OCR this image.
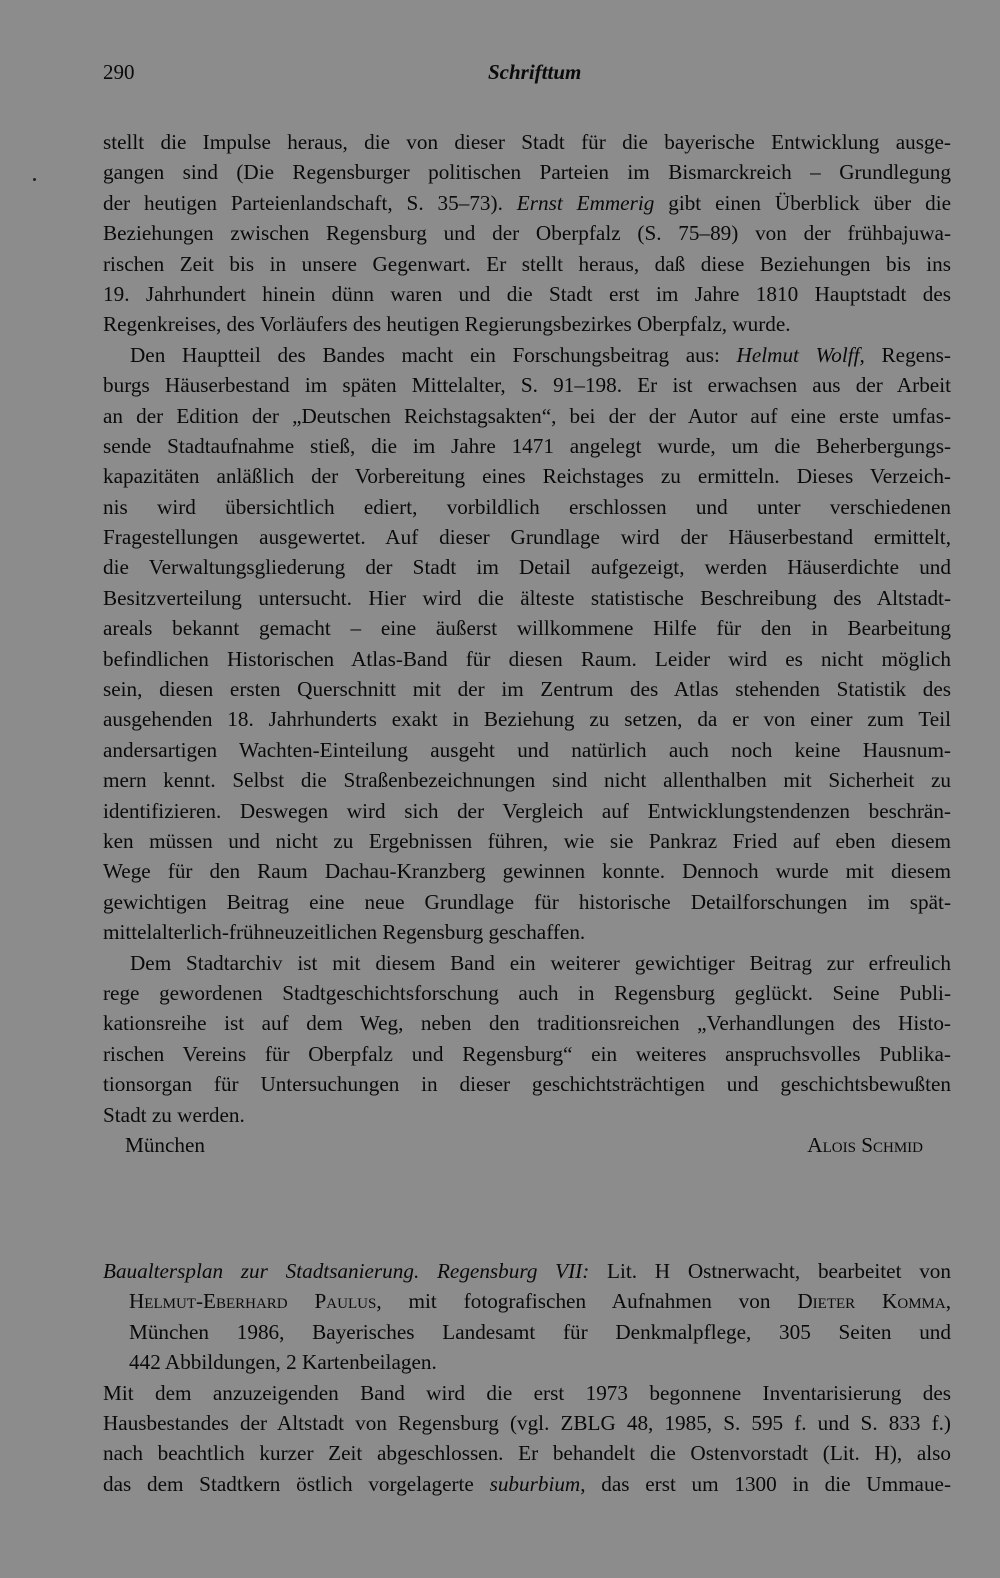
290	Schrifttum
stellt die Impulse heraus, die von dieser Stadt für die bayerische Entwicklung ausge-
gangen sind (Die Regensburger politischen Parteien im Bismarckreich – Grundlegung
der heutigen Parteienlandschaft, S. 35–73). Ernst Emmerig gibt einen Überblick über die
Beziehungen zwischen Regensburg und der Oberpfalz (S. 75–89) von der frühbajuwa-
rischen Zeit bis in unsere Gegenwart. Er stellt heraus, daß diese Beziehungen bis ins
19. Jahrhundert hinein dünn waren und die Stadt erst im Jahre 1810 Hauptstadt des
Regenkreises, des Vorläufers des heutigen Regierungsbezirkes Oberpfalz, wurde.
Den Hauptteil des Bandes macht ein Forschungsbeitrag aus: Helmut Wolff, Regens-
burgs Häuserbestand im späten Mittelalter, S. 91–198. Er ist erwachsen aus der Arbeit
an der Edition der „Deutschen Reichstagsakten“, bei der der Autor auf eine erste umfas-
sende Stadtaufnahme stieß, die im Jahre 1471 angelegt wurde, um die Beherbergungs-
kapazitäten anläßlich der Vorbereitung eines Reichstages zu ermitteln. Dieses Verzeich-
nis wird übersichtlich ediert, vorbildlich erschlossen und unter verschiedenen
Fragestellungen ausgewertet. Auf dieser Grundlage wird der Häuserbestand ermittelt,
die Verwaltungsgliederung der Stadt im Detail aufgezeigt, werden Häuserdichte und
Besitzverteilung untersucht. Hier wird die älteste statistische Beschreibung des Altstadt-
areals bekannt gemacht – eine äußerst willkommene Hilfe für den in Bearbeitung
befindlichen Historischen Atlas-Band für diesen Raum. Leider wird es nicht möglich
sein, diesen ersten Querschnitt mit der im Zentrum des Atlas stehenden Statistik des
ausgehenden 18. Jahrhunderts exakt in Beziehung zu setzen, da er von einer zum Teil
andersartigen Wachten-Einteilung ausgeht und natürlich auch noch keine Hausnum-
mern kennt. Selbst die Straßenbezeichnungen sind nicht allenthalben mit Sicherheit zu
identifizieren. Deswegen wird sich der Vergleich auf Entwicklungstendenzen beschrän-
ken müssen und nicht zu Ergebnissen führen, wie sie Pankraz Fried auf eben diesem
Wege für den Raum Dachau-Kranzberg gewinnen konnte. Dennoch wurde mit diesem
gewichtigen Beitrag eine neue Grundlage für historische Detailforschungen im spät-
mittelalterlich-frühneuzeitlichen Regensburg geschaffen.
Dem Stadtarchiv ist mit diesem Band ein weiterer gewichtiger Beitrag zur erfreulich
rege gewordenen Stadtgeschichtsforschung auch in Regensburg geglückt. Seine Publi-
kationsreihe ist auf dem Weg, neben den traditionsreichen „Verhandlungen des Histo-
rischen Vereins für Oberpfalz und Regensburg“ ein weiteres anspruchsvolles Publika-
tionsorgan für Untersuchungen in dieser geschichtsträchtigen und geschichtsbewußten
Stadt zu werden.
München	Alois Schmid
Baualtersplan zur Stadtsanierung. Regensburg VII: Lit. H Ostnerwacht, bearbeitet von
Helmut-Eberhard Paulus, mit fotografischen Aufnahmen von Dieter Komma,
München 1986, Bayerisches Landesamt für Denkmalpflege, 305 Seiten und
442 Abbildungen, 2 Kartenbeilagen.
Mit dem anzuzeigenden Band wird die erst 1973 begonnene Inventarisierung des
Hausbestandes der Altstadt von Regensburg (vgl. ZBLG 48, 1985, S. 595 f. und S. 833 f.)
nach beachtlich kurzer Zeit abgeschlossen. Er behandelt die Ostenvorstadt (Lit. H), also
das dem Stadtkern östlich vorgelagerte suburbium, das erst um 1300 in die Ummaue-
